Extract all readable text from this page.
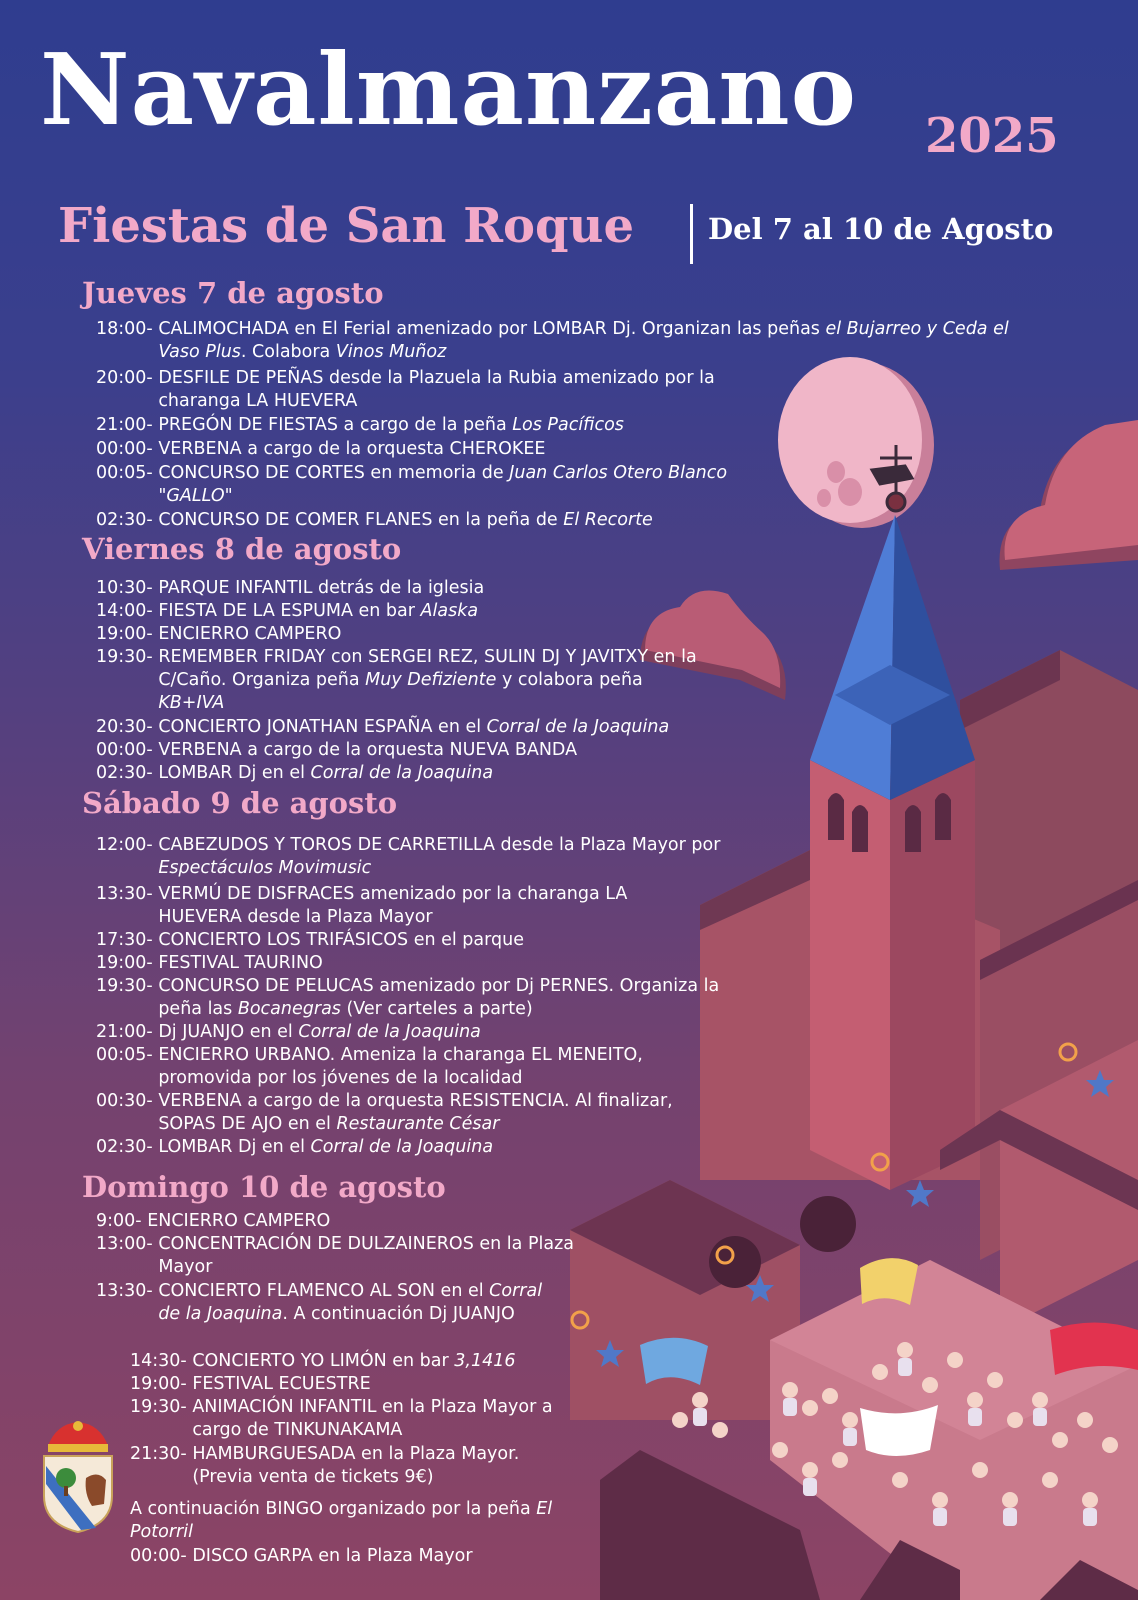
Navalmanzano 2025
Fiestas de San Roque	Del 7 al 10 de Agosto
Jueves 7 de agosto
Viernes 8 de agosto
Sábado 9 de agosto
Domingo 10 de agosto
18:00- CALIMOCHADA en El Ferial amenizado por LOMBAR Dj. Organizan las peñas el Bujarreo y Ceda el Vaso Plus. Colabora Vinos Muñoz
20:00- DESFILE DE PEÑAS desde la Plazuela la Rubia amenizado por la charanga LA HUEVERA
21:00- PREGÓN DE FIESTAS a cargo de la peña Los Pacíficos
00:00- VERBENA a cargo de la orquesta CHEROKEE
00:05- CONCURSO DE CORTES en memoria de Juan Carlos Otero Blanco "GALLO"
02:30- CONCURSO DE COMER FLANES en la peña de El Recorte
10:30- PARQUE INFANTIL detrás de la iglesia
14:00- FIESTA DE LA ESPUMA en bar Alaska
19:00- ENCIERRO CAMPERO
19:30- REMEMBER FRIDAY con SERGEI REZ, SULIN DJ Y JAVITXY en la C/Caño. Organiza peña Muy Defiziente y colabora peña KB+IVA
20:30- CONCIERTO JONATHAN ESPAÑA en el Corral de la Joaquina
00:00- VERBENA a cargo de la orquesta NUEVA BANDA
02:30- LOMBAR Dj en el Corral de la Joaquina
12:00- CABEZUDOS Y TOROS DE CARRETILLA desde la Plaza Mayor por Espectáculos Movimusic
13:30- VERMÚ DE DISFRACES amenizado por la charanga LA HUEVERA desde la Plaza Mayor
17:30- CONCIERTO LOS TRIFÁSICOS en el parque
19:00- FESTIVAL TAURINO
19:30- CONCURSO DE PELUCAS amenizado por Dj PERNES. Organiza la peña las Bocanegras (Ver carteles a parte)
21:00- Dj JUANJO en el Corral de la Joaquina
00:05- ENCIERRO URBANO. Ameniza la charanga EL MENEITO, promovida por los jóvenes de la localidad
00:30- VERBENA a cargo de la orquesta RESISTENCIA. Al finalizar, SOPAS DE AJO en el Restaurante César
02:30- LOMBAR Dj en el Corral de la Joaquina
9:00- ENCIERRO CAMPERO
13:00- CONCENTRACIÓN DE DULZAINEROS en la Plaza Mayor
13:30- CONCIERTO FLAMENCO AL SON en el Corral de la Joaquina. A continuación Dj JUANJO
14:30- CONCIERTO YO LIMÓN en bar 3,1416
19:00- FESTIVAL ECUESTRE
19:30- ANIMACIÓN INFANTIL en la Plaza Mayor a cargo de TINKUNAKAMA
21:30- HAMBURGUESADA en la Plaza Mayor. (Previa venta de tickets 9€)
A continuación BINGO organizado por la peña El Potorril
00:00- DISCO GARPA en la Plaza Mayor
